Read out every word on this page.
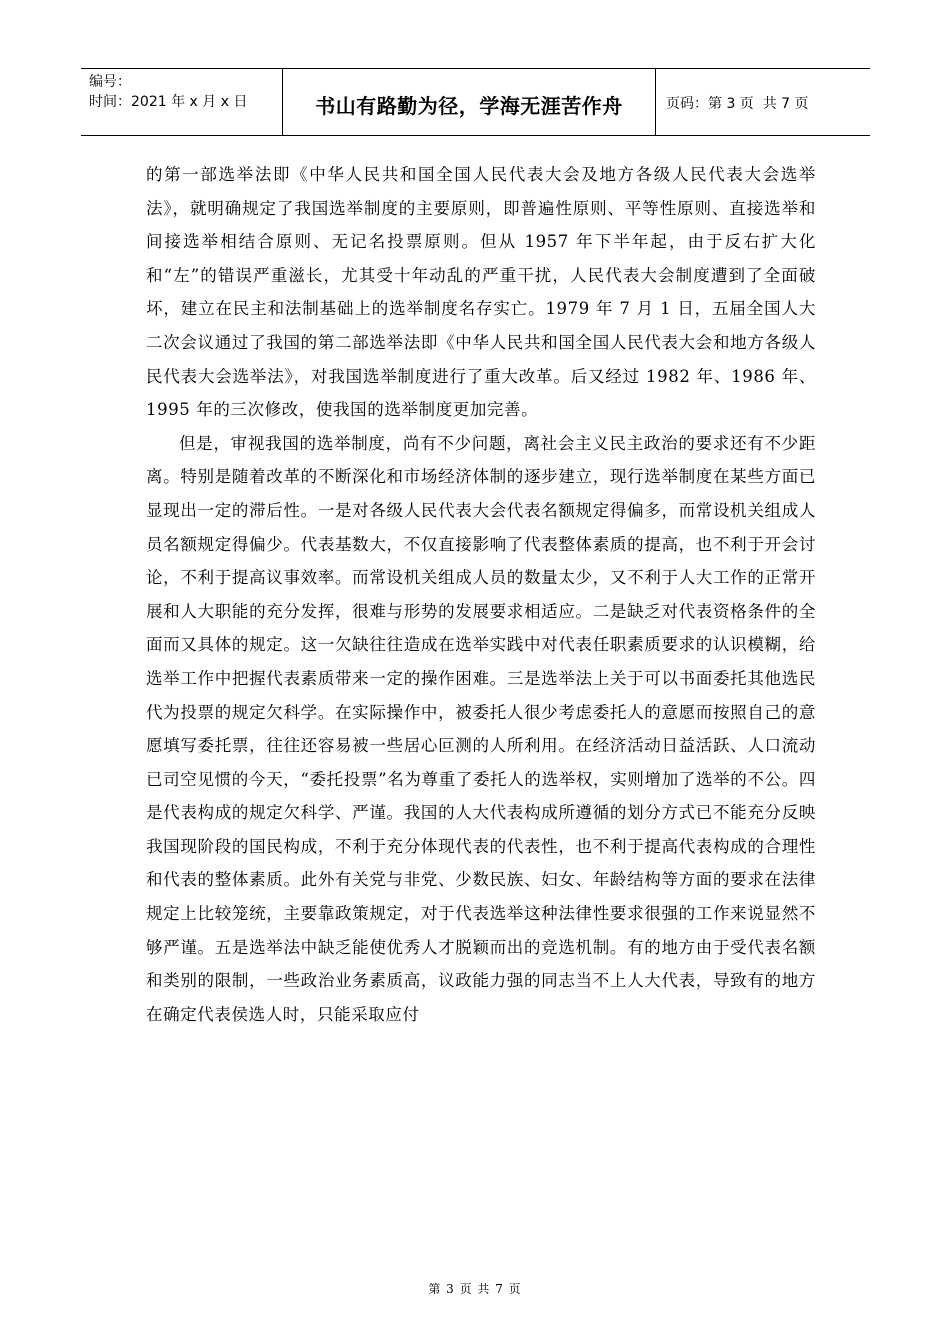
编号：
时间：2021 年 x 月 x 日	书山有路勤为径，学海无涯苦作舟	页码：第 3 页  共 7 页

的第一部选举法即《中华人民共和国全国人民代表大会及地方各级人民代表大会选举法》，就明确规定了我国选举制度的主要原则，即普遍性原则、平等性原则、直接选举和间接选举相结合原则、无记名投票原则。但从 1957 年下半年起，由于反右扩大化和“左”的错误严重滋长，尤其受十年动乱的严重干扰，人民代表大会制度遭到了全面破坏，建立在民主和法制基础上的选举制度名存实亡。1979 年 7 月 1 日，五届全国人大二次会议通过了我国的第二部选举法即《中华人民共和国全国人民代表大会和地方各级人民代表大会选举法》，对我国选举制度进行了重大改革。后又经过 1982 年、1986 年、1995 年的三次修改，使我国的选举制度更加完善。

但是，审视我国的选举制度，尚有不少问题，离社会主义民主政治的要求还有不少距离。特别是随着改革的不断深化和市场经济体制的逐步建立，现行选举制度在某些方面已显现出一定的滞后性。一是对各级人民代表大会代表名额规定得偏多，而常设机关组成人员名额规定得偏少。代表基数大，不仅直接影响了代表整体素质的提高，也不利于开会讨论，不利于提高议事效率。而常设机关组成人员的数量太少，又不利于人大工作的正常开展和人大职能的充分发挥，很难与形势的发展要求相适应。二是缺乏对代表资格条件的全面而又具体的规定。这一欠缺往往造成在选举实践中对代表任职素质要求的认识模糊，给选举工作中把握代表素质带来一定的操作困难。三是选举法上关于可以书面委托其他选民代为投票的规定欠科学。在实际操作中，被委托人很少考虑委托人的意愿而按照自己的意愿填写委托票，往往还容易被一些居心叵测的人所利用。在经济活动日益活跃、人口流动已司空见惯的今天，“委托投票”名为尊重了委托人的选举权，实则增加了选举的不公。四是代表构成的规定欠科学、严谨。我国的人大代表构成所遵循的划分方式已不能充分反映我国现阶段的国民构成，不利于充分体现代表的代表性，也不利于提高代表构成的合理性和代表的整体素质。此外有关党与非党、少数民族、妇女、年龄结构等方面的要求在法律规定上比较笼统，主要靠政策规定，对于代表选举这种法律性要求很强的工作来说显然不够严谨。五是选举法中缺乏能使优秀人才脱颖而出的竞选机制。有的地方由于受代表名额和类别的限制，一些政治业务素质高，议政能力强的同志当不上人大代表，导致有的地方在确定代表侯选人时，只能采取应付

第 3 页 共 7 页
